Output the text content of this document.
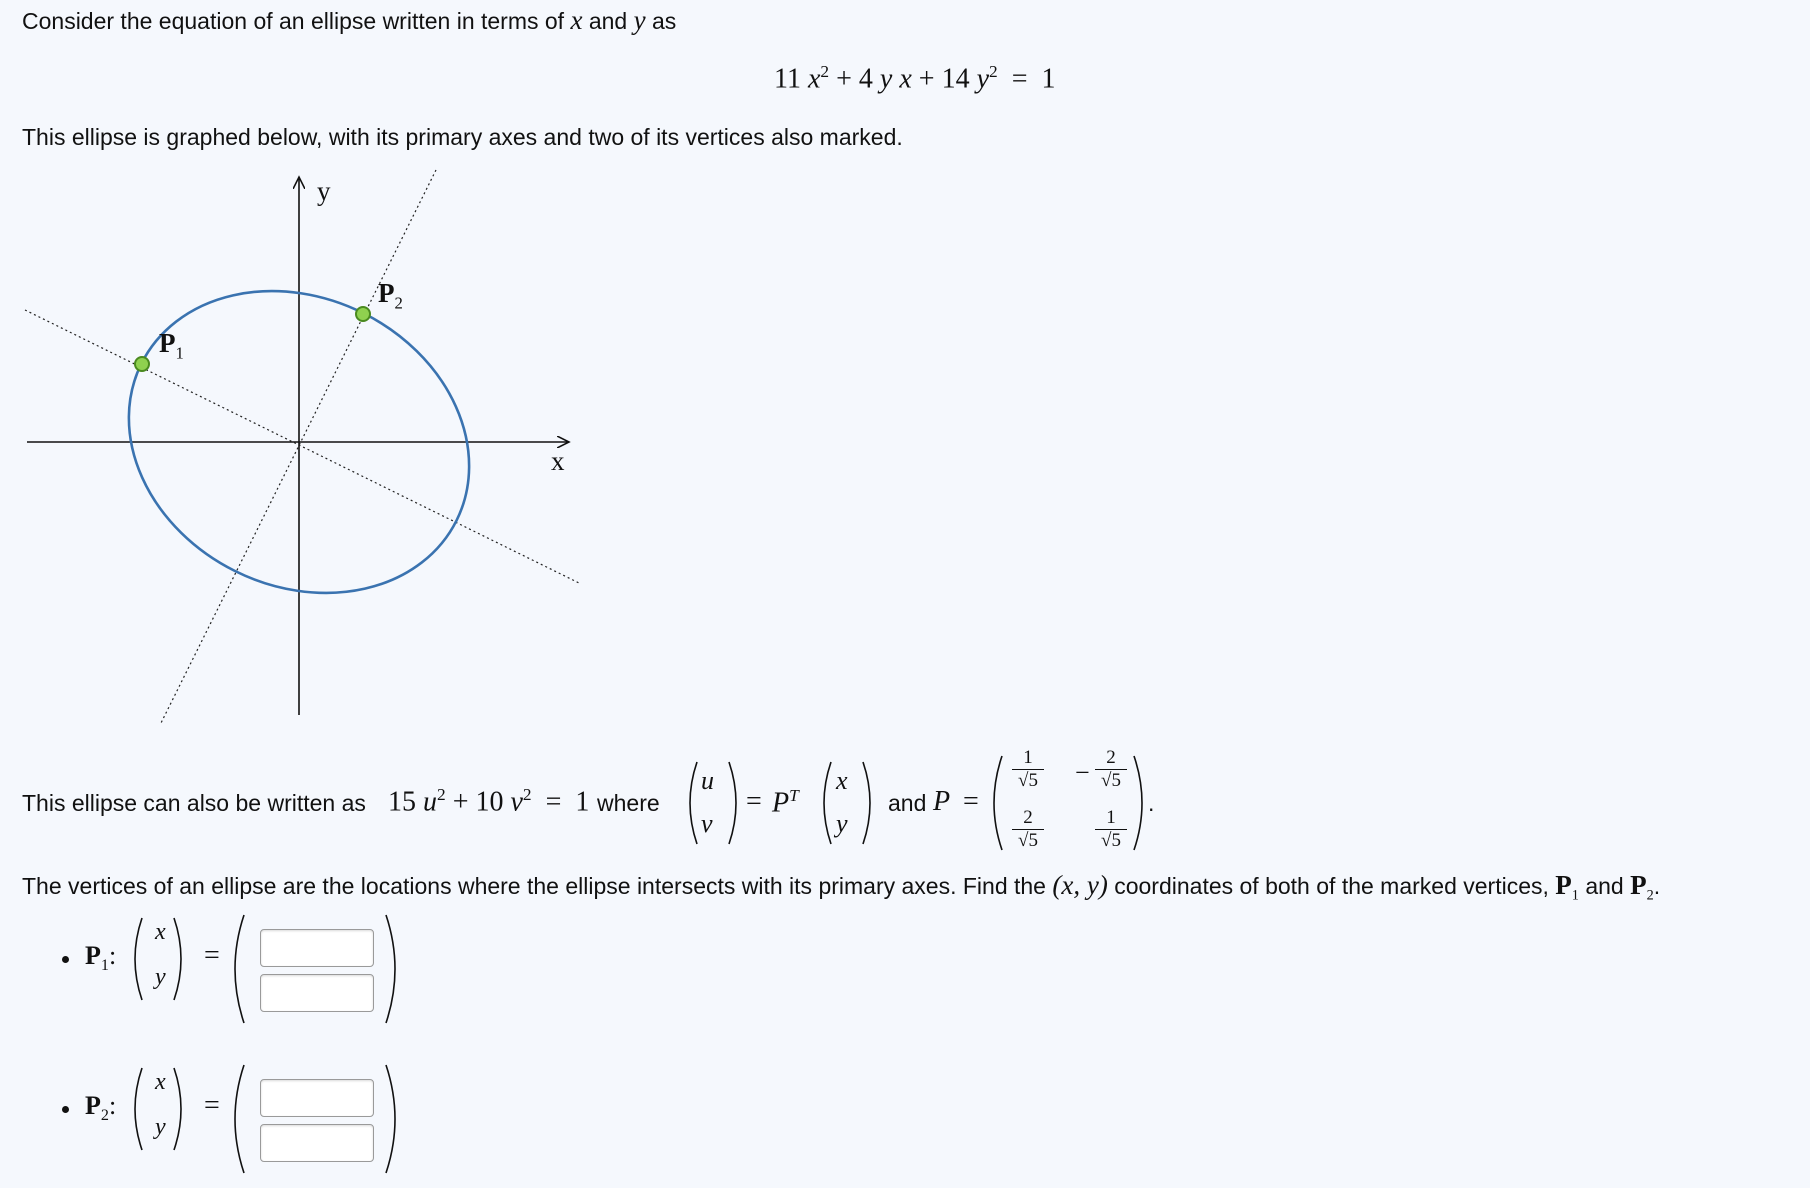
Consider the equation of an ellipse written in terms of x and y as
11 $x^2 + 4$ y x + 14 $y^2 = 1$
This ellipse is graphed below, with its primary axes and two of its vertices also marked.
y
x
$P_1$
$P_2$
This ellipse can also be written as 15 $u^2 + 10$ $v^2 = 1$ where
u
v
= $P^T$
x
y
and P =
1
√5 −
2
√5
2
√5
1
√5
.
The vertices of an ellipse are the locations where the ellipse intersects with its primary axes. Find the (x, y) coordinates of both of the marked vertices, $P_1$ and $P_2$.
$P_1$:
x
y
=
$P_2$:
x
y
=
